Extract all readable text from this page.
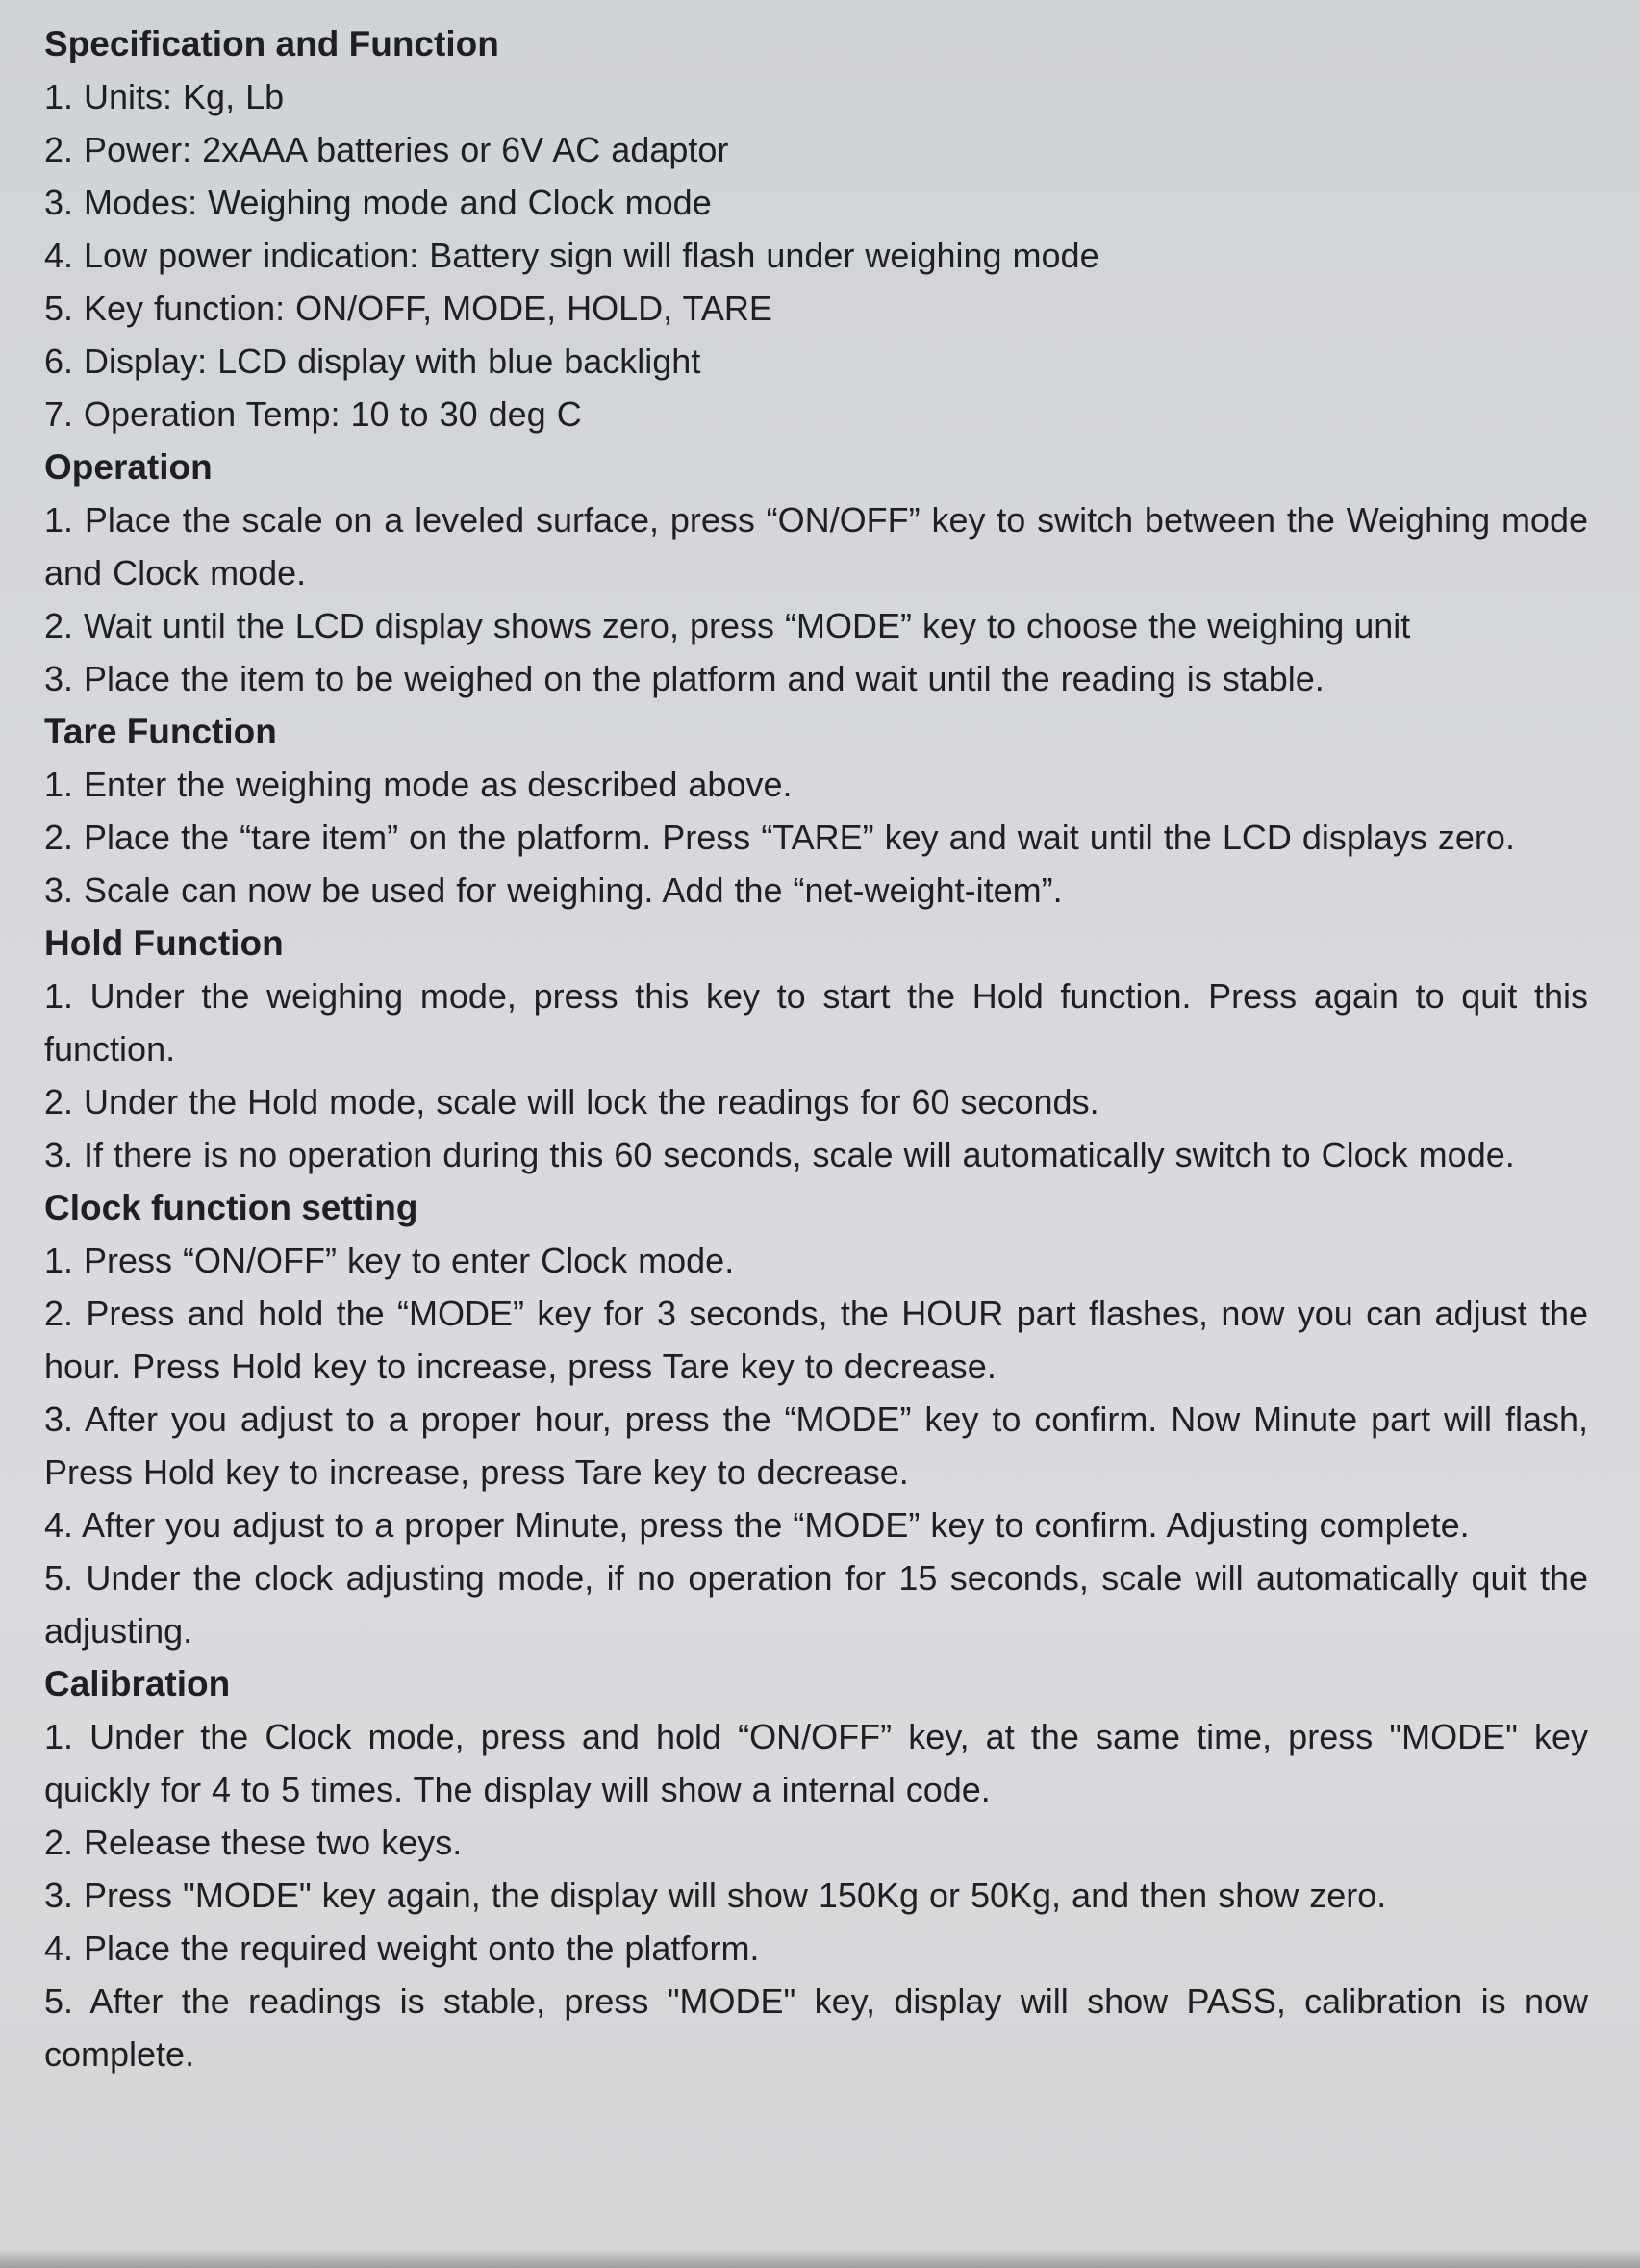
Specification and Function

1. Units: Kg, Lb

2. Power: 2xAAA batteries or 6V AC adaptor

3. Modes: Weighing mode and Clock mode

4. Low power indication: Battery sign will flash under weighing mode

5. Key function: ON/OFF, MODE, HOLD, TARE

6. Display: LCD display with blue backlight

7. Operation Temp: 10 to 30 deg C

Operation

1. Place the scale on a leveled surface, press “ON/OFF” key to switch between the Weighing mode and Clock mode.

2. Wait until the LCD display shows zero, press “MODE” key to choose the weighing unit

3. Place the item to be weighed on the platform and wait until the reading is stable.

Tare Function

1. Enter the weighing mode as described above.

2. Place the “tare item” on the platform. Press “TARE” key and wait until the LCD displays zero.

3. Scale can now be used for weighing. Add the “net-weight-item”.

Hold Function

1. Under the weighing mode, press this key to start the Hold function. Press again to quit this function.

2. Under the Hold mode, scale will lock the readings for 60 seconds.

3. If there is no operation during this 60 seconds, scale will automatically switch to Clock mode.

Clock function setting

1. Press “ON/OFF” key to enter Clock mode.

2. Press and hold the “MODE” key for 3 seconds, the HOUR part flashes, now you can adjust the hour. Press Hold key to increase, press Tare key to decrease.

3. After you adjust to a proper hour, press the “MODE” key to confirm. Now Minute part will flash, Press Hold key to increase, press Tare key to decrease.

4. After you adjust to a proper Minute, press the “MODE” key to confirm. Adjusting complete.

5. Under the clock adjusting mode, if no operation for 15 seconds, scale will automatically quit the adjusting.

Calibration

1. Under the Clock mode, press and hold “ON/OFF” key, at the same time, press "MODE" key quickly for 4 to 5 times. The display will show a internal code.

2. Release these two keys.

3. Press "MODE" key again, the display will show 150Kg or 50Kg, and then show zero.

4. Place the required weight onto the platform.

5. After the readings is stable, press "MODE" key, display will show PASS, calibration is now complete.
